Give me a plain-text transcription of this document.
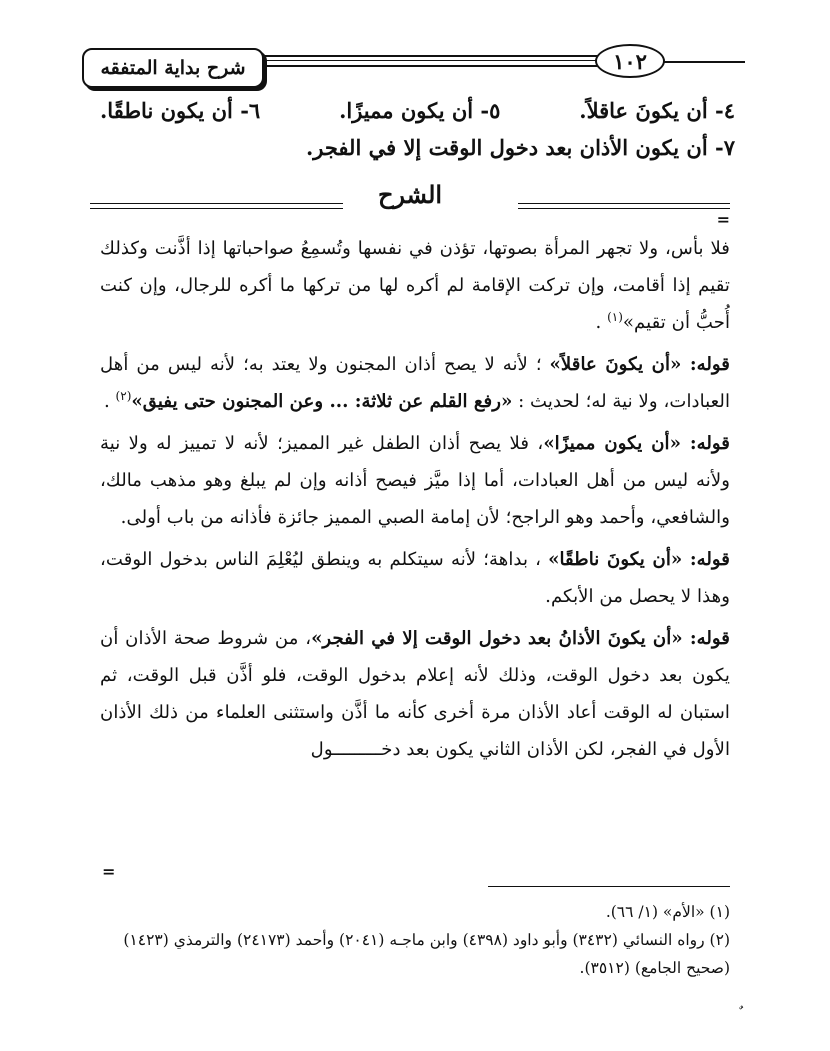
شرح بداية المتفقه	١٠٢
٤- أن يكونَ عاقلاً.
٥- أن يكون مميزًا.
٦- أن يكون ناطقًا.
٧- أن يكون الأذان بعد دخول الوقت إلا في الفجر.
الشرح
=

فلا بأس، ولا تجهر المرأة بصوتها، تؤذن في نفسها وتُسمِعُ صواحباتها إذا أذَّنت وكذلك تقيم إذا أقامت، وإن تركت الإقامة لم أكره لها من تركها ما أكره للرجال، وإن كنت أُحبُّ أن تقيم»$^{(١)}$ .

قوله: «أن يكونَ عاقلاً» ؛ لأنه لا يصح أذان المجنون ولا يعتد به؛ لأنه ليس من أهل العبادات، ولا نية له؛ لحديث : «رفع القلم عن ثلاثة: ... وعن المجنون حتى يفيق»$^{(٢)}$ .

قوله: «أن يكون مميزًا»، فلا يصح أذان الطفل غير المميز؛ لأنه لا تمييز له ولا نية ولأنه ليس من أهل العبادات، أما إذا ميَّز فيصح أذانه وإن لم يبلغ وهو مذهب مالك، والشافعي، وأحمد وهو الراجح؛ لأن إمامة الصبي المميز جائزة فأذانه من باب أولى.

قوله: «أن يكونَ ناطقًا» ، بداهة؛ لأنه سيتكلم به وينطق ليُعْلِمَ الناس بدخول الوقت، وهذا لا يحصل من الأبكم.

قوله: «أن يكونَ الأذانُ بعد دخول الوقت إلا في الفجر»، من شروط صحة الأذان أن يكون بعد دخول الوقت، وذلك لأنه إعلام بدخول الوقت، فلو أذَّن قبل الوقت، ثم استبان له الوقت أعاد الأذان مرة أخرى كأنه ما أذَّن واستثنى العلماء من ذلك الأذان الأول في الفجر، لكن الأذان الثاني يكون بعد دخـــــــــول

=
(١) «الأم» (١/ ٦٦).
(٢) رواه النسائي (٣٤٣٢) وأبو داود (٤٣٩٨) وابن ماجـه (٢٠٤١) وأحمد (٢٤١٧٣) والترمذي (١٤٢٣) (صحيح الجامع) (٣٥١٢).
